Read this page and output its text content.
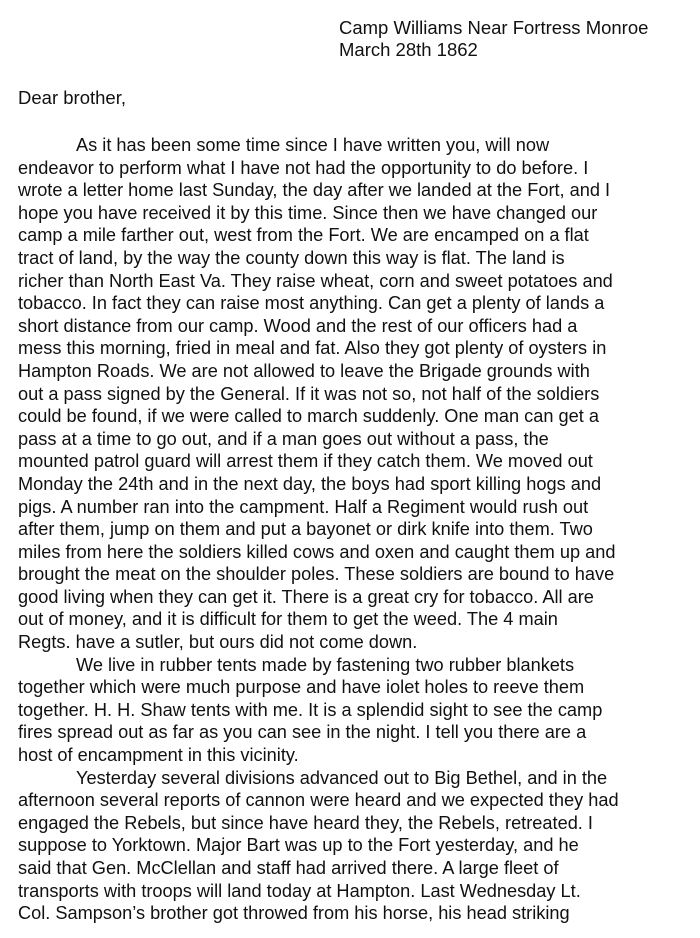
Camp Williams Near Fortress Monroe
March 28th 1862
Dear brother,
As it has been some time since I have written you, will now
endeavor to perform what I have not had the opportunity to do before. I
wrote a letter home last Sunday, the day after we landed at the Fort, and I
hope you have received it by this time. Since then we have changed our
camp a mile farther out, west from the Fort. We are encamped on a flat
tract of land, by the way the county down this way is flat. The land is
richer than North East Va. They raise wheat, corn and sweet potatoes and
tobacco. In fact they can raise most anything. Can get a plenty of lands a
short distance from our camp. Wood and the rest of our officers had a
mess this morning, fried in meal and fat. Also they got plenty of oysters in
Hampton Roads. We are not allowed to leave the Brigade grounds with
out a pass signed by the General. If it was not so, not half of the soldiers
could be found, if we were called to march suddenly. One man can get a
pass at a time to go out, and if a man goes out without a pass, the
mounted patrol guard will arrest them if they catch them. We moved out
Monday the 24th and in the next day, the boys had sport killing hogs and
pigs. A number ran into the campment. Half a Regiment would rush out
after them, jump on them and put a bayonet or dirk knife into them. Two
miles from here the soldiers killed cows and oxen and caught them up and
brought the meat on the shoulder poles. These soldiers are bound to have
good living when they can get it. There is a great cry for tobacco. All are
out of money, and it is difficult for them to get the weed. The 4 main
Regts. have a sutler, but ours did not come down.
We live in rubber tents made by fastening two rubber blankets
together which were much purpose and have iolet holes to reeve them
together. H. H. Shaw tents with me. It is a splendid sight to see the camp
fires spread out as far as you can see in the night. I tell you there are a
host of encampment in this vicinity.
Yesterday several divisions advanced out to Big Bethel, and in the
afternoon several reports of cannon were heard and we expected they had
engaged the Rebels, but since have heard they, the Rebels, retreated. I
suppose to Yorktown. Major Bart was up to the Fort yesterday, and he
said that Gen. McClellan and staff had arrived there. A large fleet of
transports with troops will land today at Hampton. Last Wednesday Lt.
Col. Sampson’s brother got throwed from his horse, his head striking
